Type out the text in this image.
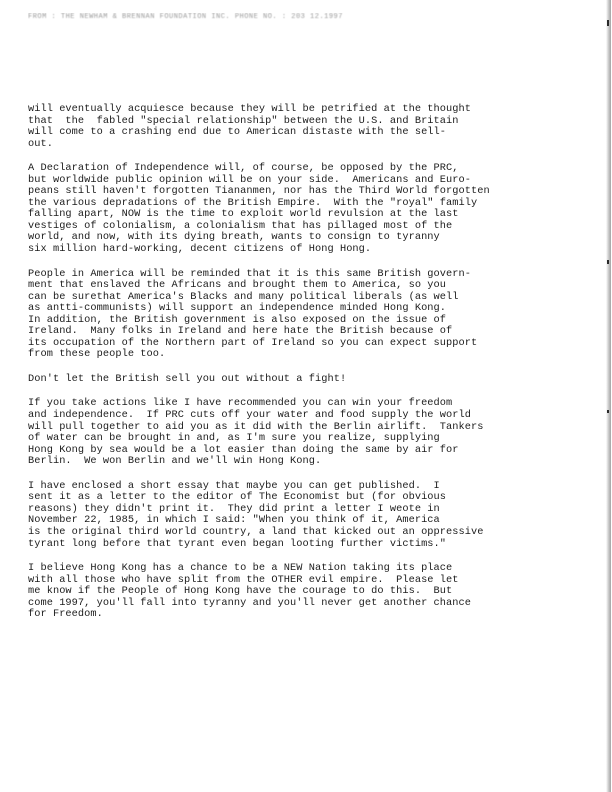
FROM : THE NEWHAM & BRENNAN FOUNDATION INC. PHONE NO. : 203 12.1997

will eventually acquiesce because they will be petrified at the thought
that  the  fabled "special relationship" between the U.S. and Britain
will come to a crashing end due to American distaste with the sell-
out.

A Declaration of Independence will, of course, be opposed by the PRC,
but worldwide public opinion will be on your side.  Americans and Euro-
peans still haven't forgotten Tiananmen, nor has the Third World forgotten
the various depradations of the British Empire.  With the "royal" family
falling apart, NOW is the time to exploit world revulsion at the last
vestiges of colonialism, a colonialism that has pillaged most of the
world, and now, with its dying breath, wants to consign to tyranny
six million hard-working, decent citizens of Hong Hong.

People in America will be reminded that it is this same British govern-
ment that enslaved the Africans and brought them to America, so you
can be surethat America's Blacks and many political liberals (as well
as antti-communists) will support an independence minded Hong Kong.
In addition, the British government is also exposed on the issue of
Ireland.  Many folks in Ireland and here hate the British because of
its occupation of the Northern part of Ireland so you can expect support
from these people too.

Don't let the British sell you out without a fight!

If you take actions like I have recommended you can win your freedom
and independence.  If PRC cuts off your water and food supply the world
will pull together to aid you as it did with the Berlin airlift.  Tankers
of water can be brought in and, as I'm sure you realize, supplying
Hong Kong by sea would be a lot easier than doing the same by air for
Berlin.  We won Berlin and we'll win Hong Kong.

I have enclosed a short essay that maybe you can get published.  I
sent it as a letter to the editor of The Economist but (for obvious
reasons) they didn't print it.  They did print a letter I weote in
November 22, 1985, in which I said: "When you think of it, America
is the original third world country, a land that kicked out an oppressive
tyrant long before that tyrant even began looting further victims."

I believe Hong Kong has a chance to be a NEW Nation taking its place
with all those who have split from the OTHER evil empire.  Please let
me know if the People of Hong Kong have the courage to do this.  But
come 1997, you'll fall into tyranny and you'll never get another chance
for Freedom.
